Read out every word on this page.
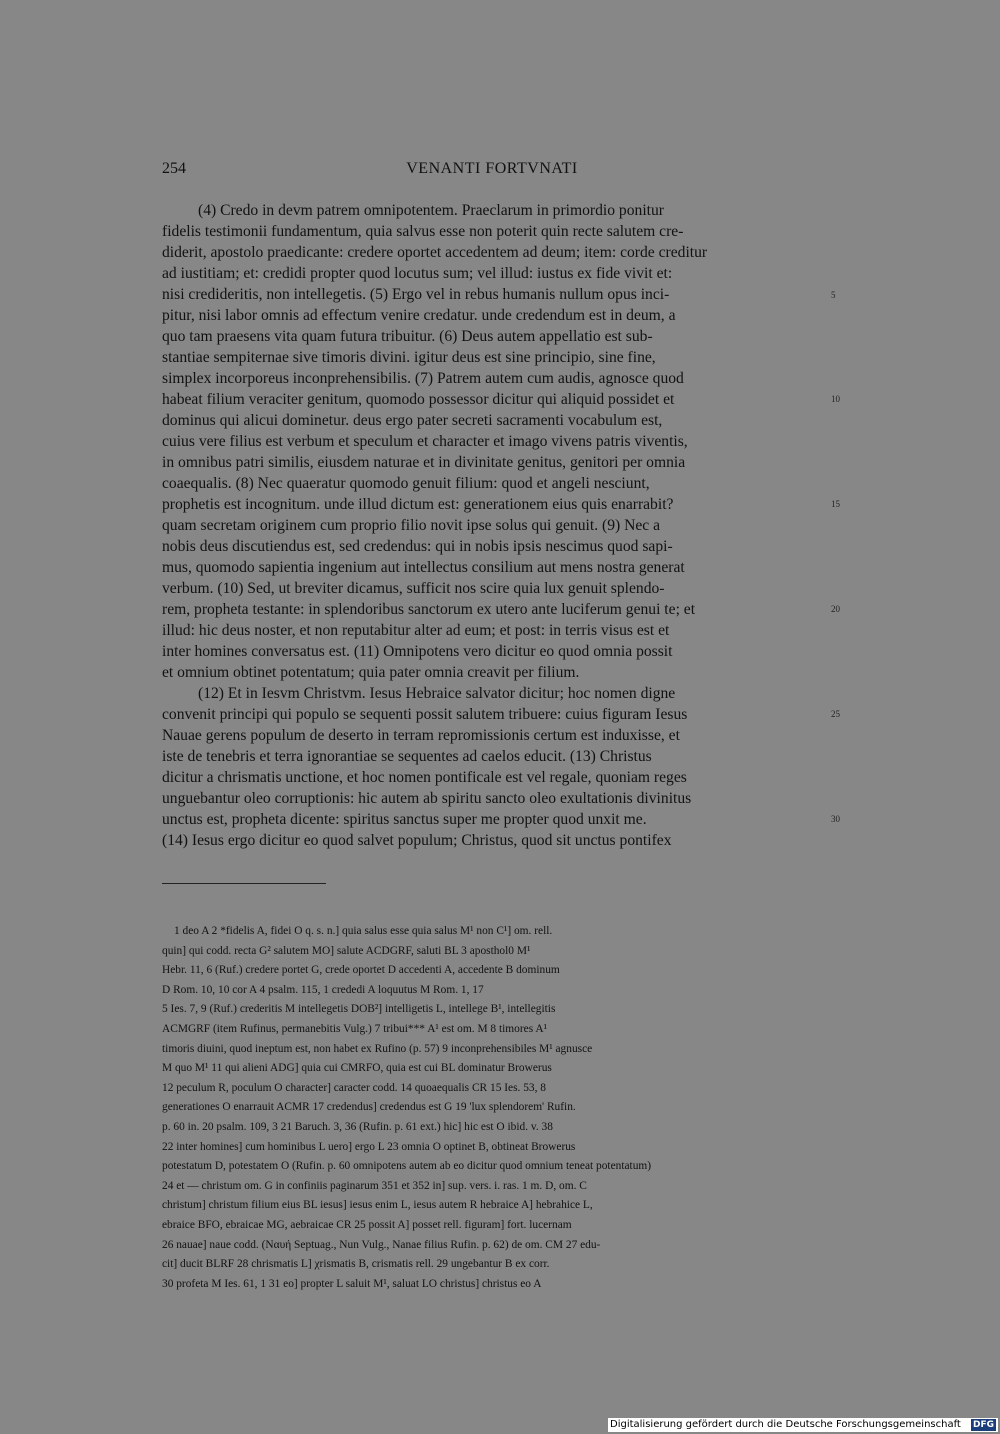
254	VENANTI FORTVNATI
(4) Credo in devm patrem omnipotentem. Praeclarum in primordio ponitur
fidelis testimonii fundamentum, quia salvus esse non poterit quin recte salutem cre-
diderit, apostolo praedicante: credere oportet accedentem ad deum; item: corde creditur
ad iustitiam; et: credidi propter quod locutus sum; vel illud: iustus ex fide vivit et:
nisi credideritis, non intellegetis. (5) Ergo vel in rebus humanis nullum opus inci-
pitur, nisi labor omnis ad effectum venire credatur. unde credendum est in deum, a
quo tam praesens vita quam futura tribuitur. (6) Deus autem appellatio est sub-
stantiae sempiternae sive timoris divini. igitur deus est sine principio, sine fine,
simplex incorporeus inconprehensibilis. (7) Patrem autem cum audis, agnosce quod
habeat filium veraciter genitum, quomodo possessor dicitur qui aliquid possidet et
dominus qui alicui dominetur. deus ergo pater secreti sacramenti vocabulum est,
cuius vere filius est verbum et speculum et character et imago vivens patris viventis,
in omnibus patri similis, eiusdem naturae et in divinitate genitus, genitori per omnia
coaequalis. (8) Nec quaeratur quomodo genuit filium: quod et angeli nesciunt,
prophetis est incognitum. unde illud dictum est: generationem eius quis enarrabit?
quam secretam originem cum proprio filio novit ipse solus qui genuit. (9) Nec a
nobis deus discutiendus est, sed credendus: qui in nobis ipsis nescimus quod sapi-
mus, quomodo sapientia ingenium aut intellectus consilium aut mens nostra generat
verbum. (10) Sed, ut breviter dicamus, sufficit nos scire quia lux genuit splendo-
rem, propheta testante: in splendoribus sanctorum ex utero ante luciferum genui te; et
illud: hic deus noster, et non reputabitur alter ad eum; et post: in terris visus est et
inter homines conversatus est. (11) Omnipotens vero dicitur eo quod omnia possit
et omnium obtinet potentatum; quia pater omnia creavit per filium.
(12) Et in Iesvm Christvm. Iesus Hebraice salvator dicitur; hoc nomen digne
convenit principi qui populo se sequenti possit salutem tribuere: cuius figuram Iesus
Nauae gerens populum de deserto in terram repromissionis certum est induxisse, et
iste de tenebris et terra ignorantiae se sequentes ad caelos educit. (13) Christus
dicitur a chrismatis unctione, et hoc nomen pontificale est vel regale, quoniam reges
unguebantur oleo corruptionis: hic autem ab spiritu sancto oleo exultationis divinitus
unctus est, propheta dicente: spiritus sanctus super me propter quod unxit me.
(14) Iesus ergo dicitur eo quod salvet populum; Christus, quod sit unctus pontifex
5
10
15
20
25
30
1 deo A 2 *fidelis A, fidei O q. s. n.] quia salus esse quia salus M¹ non C¹] om. rell.
quin] qui codd. recta G² salutem MO] salute ACDGRF, saluti BL 3 aposthol0 M¹
Hebr. 11, 6 (Ruf.) credere portet G, crede oportet D accedenti A, accedente B dominum
D Rom. 10, 10 cor A 4 psalm. 115, 1 crededi A loquutus M Rom. 1, 17
5 Ies. 7, 9 (Ruf.) crederitis M intellegetis DOB²] intelligetis L, intellege B¹, intellegitis
ACMGRF (item Rufinus, permanebitis Vulg.) 7 tribui*** A¹ est om. M 8 timores A¹
timoris diuini, quod ineptum est, non habet ex Rufino (p. 57) 9 inconprehensibiles M¹ agnusce
M quo M¹ 11 qui alieni ADG] quia cui CMRFO, quia est cui BL dominatur Browerus
12 peculum R, poculum O character] caracter codd. 14 quoaequalis CR 15 Ies. 53, 8
generationes O enarrauit ACMR 17 credendus] credendus est G 19 'lux splendorem' Rufin.
p. 60 in. 20 psalm. 109, 3 21 Baruch. 3, 36 (Rufin. p. 61 ext.) hic] hic est O ibid. v. 38
22 inter homines] cum hominibus L uero] ergo L 23 omnia O optinet B, obtineat Browerus
potestatum D, potestatem O (Rufin. p. 60 omnipotens autem ab eo dicitur quod omnium teneat potentatum)
24 et — christum om. G in confiniis paginarum 351 et 352 in] sup. vers. i. ras. 1 m. D, om. C
christum] christum filium eius BL iesus] iesus enim L, iesus autem R hebraice A] hebrahice L,
ebraice BFO, ebraicae MG, aebraicae CR 25 possit A] posset rell. figuram] fort. lucernam
26 nauae] naue codd. (Ναυή Septuag., Nun Vulg., Nanae filius Rufin. p. 62) de om. CM 27 edu-
cit] ducit BLRF 28 chrismatis L] χrismatis B, crismatis rell. 29 ungebantur B ex corr.
30 profeta M Ies. 61, 1 31 eo] propter L saluit M¹, saluat LO christus] christus eo A
Digitalisierung gefördert durch die Deutsche Forschungsgemeinschaft DFG
